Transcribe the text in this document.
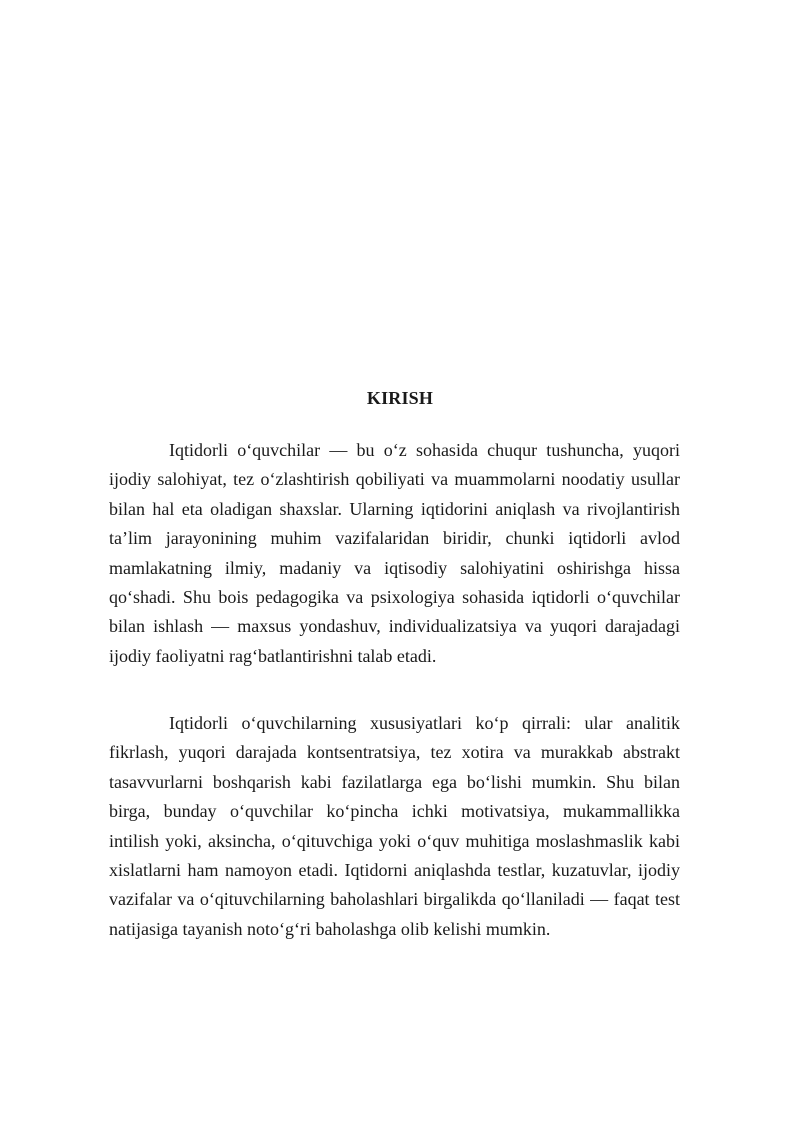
KIRISH

Iqtidorli o‘quvchilar — bu o‘z sohasida chuqur tushuncha, yuqori ijodiy salohiyat, tez o‘zlashtirish qobiliyati va muammolarni noodatiy usullar bilan hal eta oladigan shaxslar. Ularning iqtidorini aniqlash va rivojlantirish ta’lim jarayonining muhim vazifalaridan biridir, chunki iqtidorli avlod mamlakatning ilmiy, madaniy va iqtisodiy salohiyatini oshirishga hissa qo‘shadi. Shu bois pedagogika va psixologiya sohasida iqtidorli o‘quvchilar bilan ishlash — maxsus yondashuv, individualizatsiya va yuqori darajadagi ijodiy faoliyatni rag‘batlantirishni talab etadi.

Iqtidorli o‘quvchilarning xususiyatlari ko‘p qirrali: ular analitik fikrlash, yuqori darajada kontsentratsiya, tez xotira va murakkab abstrakt tasavvurlarni boshqarish kabi fazilatlarga ega bo‘lishi mumkin. Shu bilan birga, bunday o‘quvchilar ko‘pincha ichki motivatsiya, mukammallikka intilish yoki, aksincha, o‘qituvchiga yoki o‘quv muhitiga moslashmaslik kabi xislatlarni ham namoyon etadi. Iqtidorni aniqlashda testlar, kuzatuvlar, ijodiy vazifalar va o‘qituvchilarning baholashlari birgalikda qo‘llaniladi — faqat test natijasiga tayanish noto‘g‘ri baholashga olib kelishi mumkin.
